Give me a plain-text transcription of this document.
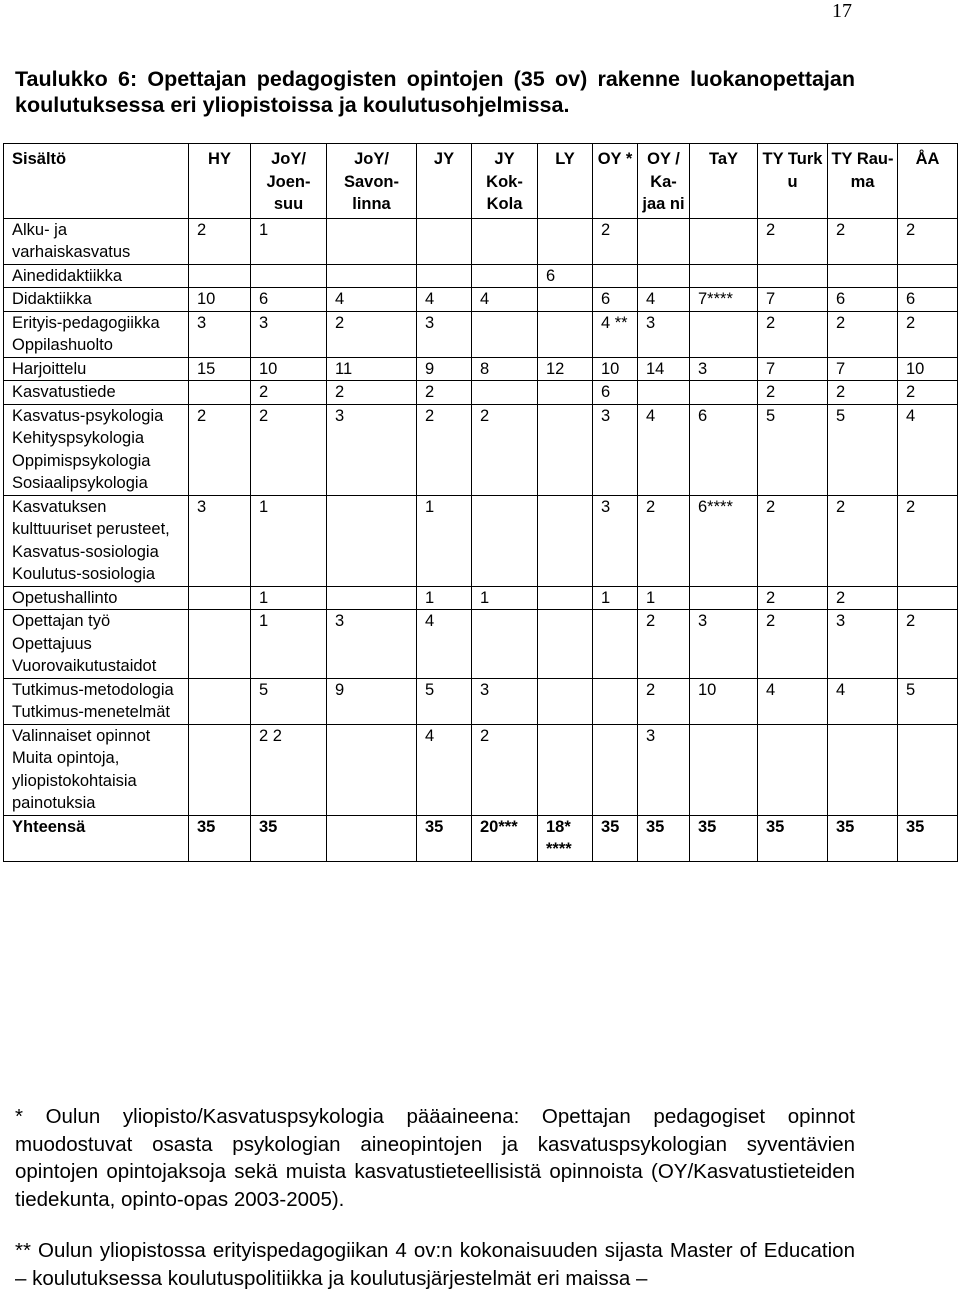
17
Taulukko 6: Opettajan pedagogisten opintojen (35 ov) rakenne luokanopettajan koulutuksessa eri yliopistoissa ja koulutusohjelmissa.
Sisältö	HY	JoY/ Joen-suu	JoY/ Savon-linna	JY	JY Kok-Kola	LY	OY *	OY / Ka-jaa ni	TaY	TY Turk u	TY Rau-ma	ÅA
Alku- ja varhaiskasvatus	2	1					2			2	2	2
Ainedidaktiikka						6						
Didaktiikka	10	6	4	4	4		6	4	7****	7	6	6
Erityis-pedagogiikka Oppilashuolto	3	3	2	3			4 **	3		2	2	2
Harjoittelu	15	10	11	9	8	12	10	14	3	7	7	10
Kasvatustiede		2	2	2			6			2	2	2
Kasvatus-psykologia Kehityspsykologia Oppimispsykologia Sosiaalipsykologia	2	2	3	2	2		3	4	6	5	5	4
Kasvatuksen kulttuuriset perusteet, Kasvatus-sosiologia Koulutus-sosiologia	3	1		1			3	2	6****	2	2	2
Opetushallinto		1		1	1		1	1		2	2	
Opettajan työ Opettajuus Vuorovaikutustaidot		1	3	4				2	3	2	3	2
Tutkimus-metodologia Tutkimus-menetelmät		5	9	5	3			2	10	4	4	5
Valinnaiset opinnot Muita opintoja, yliopistokohtaisia painotuksia		2 2		4	2			3				
Yhteensä	35	35		35	20***	18* ****	35	35	35	35	35	35

* Oulun yliopisto/Kasvatuspsykologia pääaineena: Opettajan pedagogiset opinnot muodostuvat osasta psykologian aineopintojen ja kasvatuspsykologian syventävien opintojen opintojaksoja sekä muista kasvatustieteellisistä opinnoista (OY/Kasvatustieteiden tiedekunta, opinto-opas 2003-2005).

** Oulun yliopistossa erityispedagogiikan 4 ov:n kokonaisuuden sijasta Master of Education – koulutuksessa koulutuspolitiikka ja koulutusjärjestelmät eri maissa –
